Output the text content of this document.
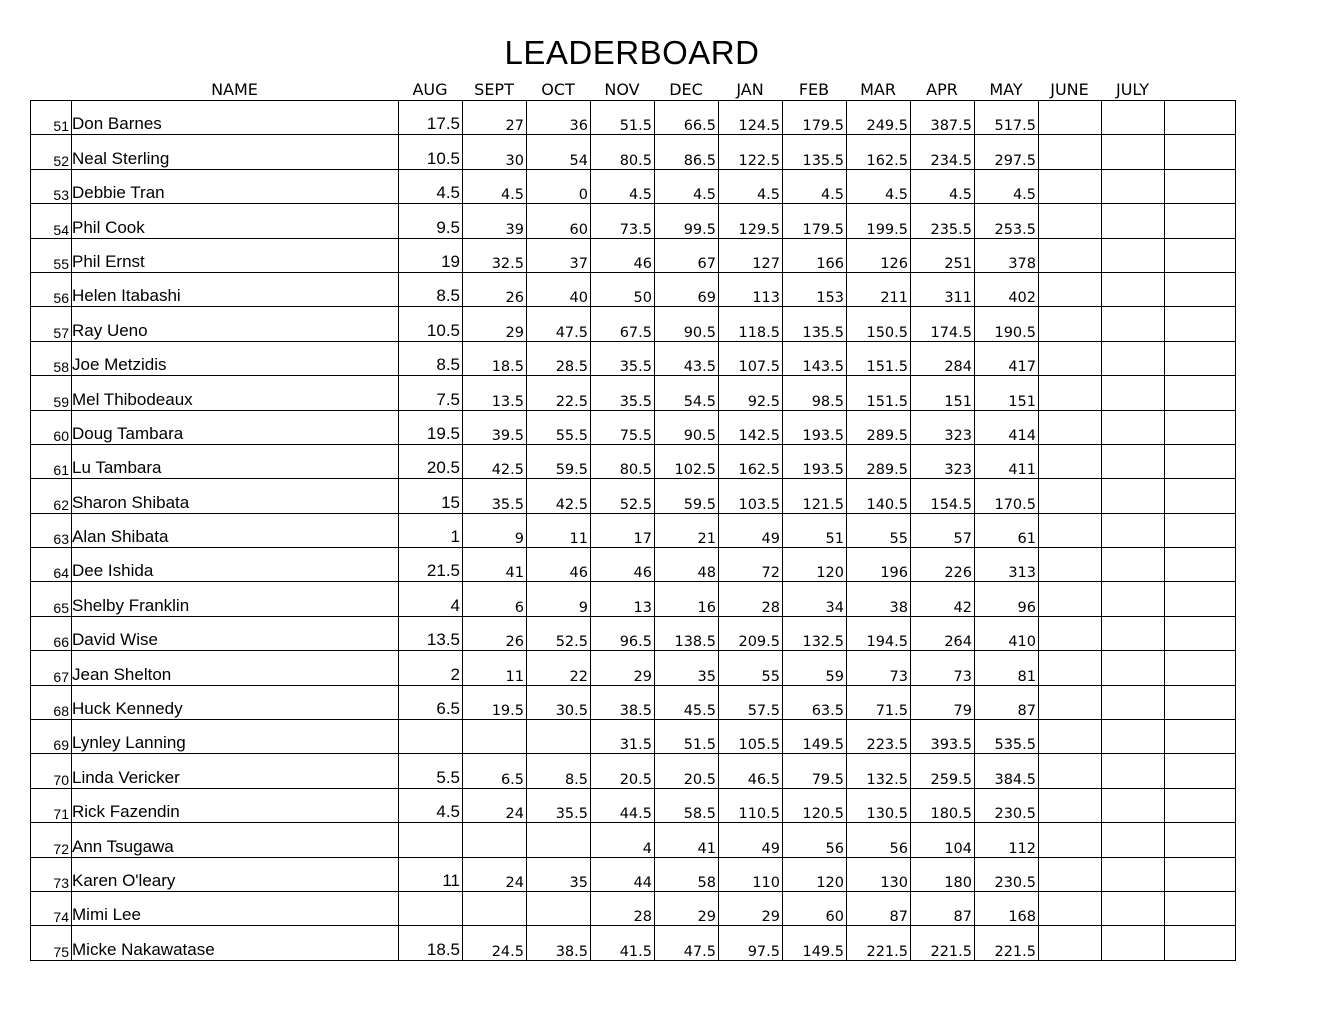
LEADERBOARD
NAME	AUG	SEPT	OCT	NOV	DEC	JAN	FEB	MAR	APR	MAY	JUNE	JULY
51	Don Barnes	17.5	27	36	51.5	66.5	124.5	179.5	249.5	387.5	517.5			
52	Neal Sterling	10.5	30	54	80.5	86.5	122.5	135.5	162.5	234.5	297.5			
53	Debbie Tran	4.5	4.5	0	4.5	4.5	4.5	4.5	4.5	4.5	4.5			
54	Phil Cook	9.5	39	60	73.5	99.5	129.5	179.5	199.5	235.5	253.5			
55	Phil Ernst	19	32.5	37	46	67	127	166	126	251	378			
56	Helen Itabashi	8.5	26	40	50	69	113	153	211	311	402			
57	Ray Ueno	10.5	29	47.5	67.5	90.5	118.5	135.5	150.5	174.5	190.5			
58	Joe Metzidis	8.5	18.5	28.5	35.5	43.5	107.5	143.5	151.5	284	417			
59	Mel Thibodeaux	7.5	13.5	22.5	35.5	54.5	92.5	98.5	151.5	151	151			
60	Doug Tambara	19.5	39.5	55.5	75.5	90.5	142.5	193.5	289.5	323	414			
61	Lu Tambara	20.5	42.5	59.5	80.5	102.5	162.5	193.5	289.5	323	411			
62	Sharon Shibata	15	35.5	42.5	52.5	59.5	103.5	121.5	140.5	154.5	170.5			
63	Alan Shibata	1	9	11	17	21	49	51	55	57	61			
64	Dee Ishida	21.5	41	46	46	48	72	120	196	226	313			
65	Shelby Franklin	4	6	9	13	16	28	34	38	42	96			
66	David Wise	13.5	26	52.5	96.5	138.5	209.5	132.5	194.5	264	410			
67	Jean Shelton	2	11	22	29	35	55	59	73	73	81			
68	Huck Kennedy	6.5	19.5	30.5	38.5	45.5	57.5	63.5	71.5	79	87			
69	Lynley Lanning				31.5	51.5	105.5	149.5	223.5	393.5	535.5			
70	Linda Vericker	5.5	6.5	8.5	20.5	20.5	46.5	79.5	132.5	259.5	384.5			
71	Rick Fazendin	4.5	24	35.5	44.5	58.5	110.5	120.5	130.5	180.5	230.5			
72	Ann Tsugawa				4	41	49	56	56	104	112			
73	Karen O'leary	11	24	35	44	58	110	120	130	180	230.5			
74	Mimi Lee				28	29	29	60	87	87	168			
75	Micke Nakawatase	18.5	24.5	38.5	41.5	47.5	97.5	149.5	221.5	221.5	221.5			
